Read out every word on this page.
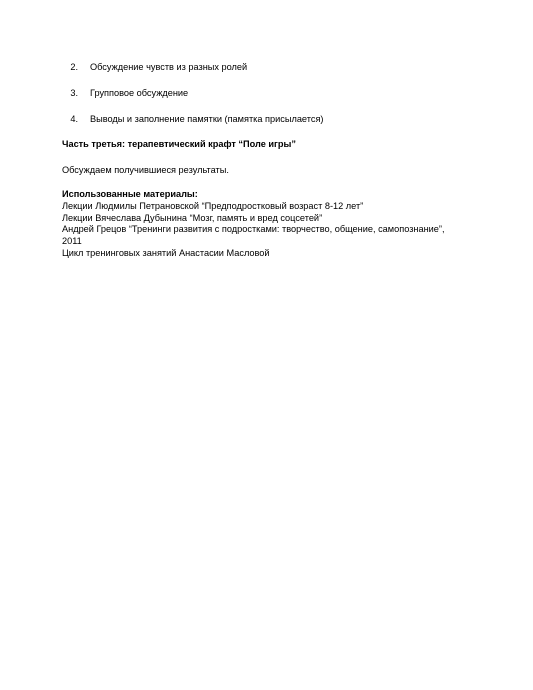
2. Обсуждение чувств из разных ролей
3. Групповое обсуждение
4. Выводы и заполнение памятки (памятка присылается)
Часть третья: терапевтический крафт “Поле игры”
Обсуждаем получившиеся результаты.
Использованные материалы:
Лекции Людмилы Петрановской “Предподростковый возраст 8-12 лет”
Лекции Вячеслава Дубынина “Мозг, память и вред соцсетей”
Андрей Грецов “Тренинги развития с подростками: творчество, общение, самопознание”,
2011
Цикл тренинговых занятий Анастасии Масловой
